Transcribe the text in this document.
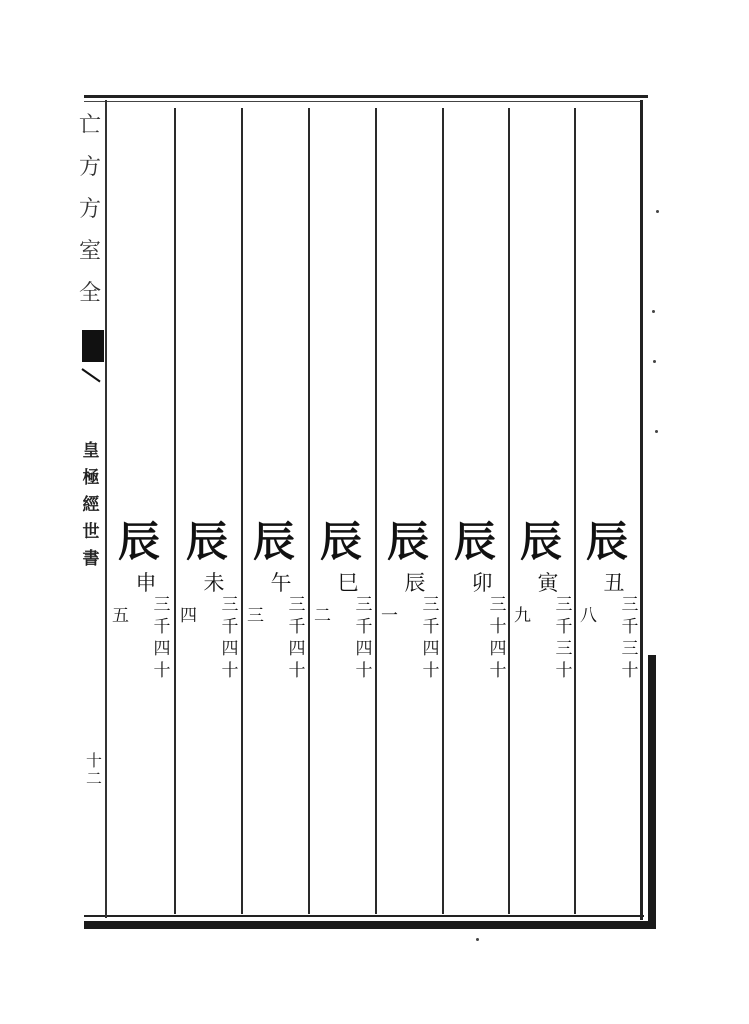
亡
方
方
室
全
皇
極
經
世
書
十
二
辰
丑
三
千
三
十
八
辰
寅
三
千
三
十
九
辰
卯
三
十
四
十
辰
辰
三
千
四
十
一
辰
巳
三
千
四
十
二
辰
午
三
千
四
十
三
辰
未
三
千
四
十
四
辰
申
三
千
四
十
五
